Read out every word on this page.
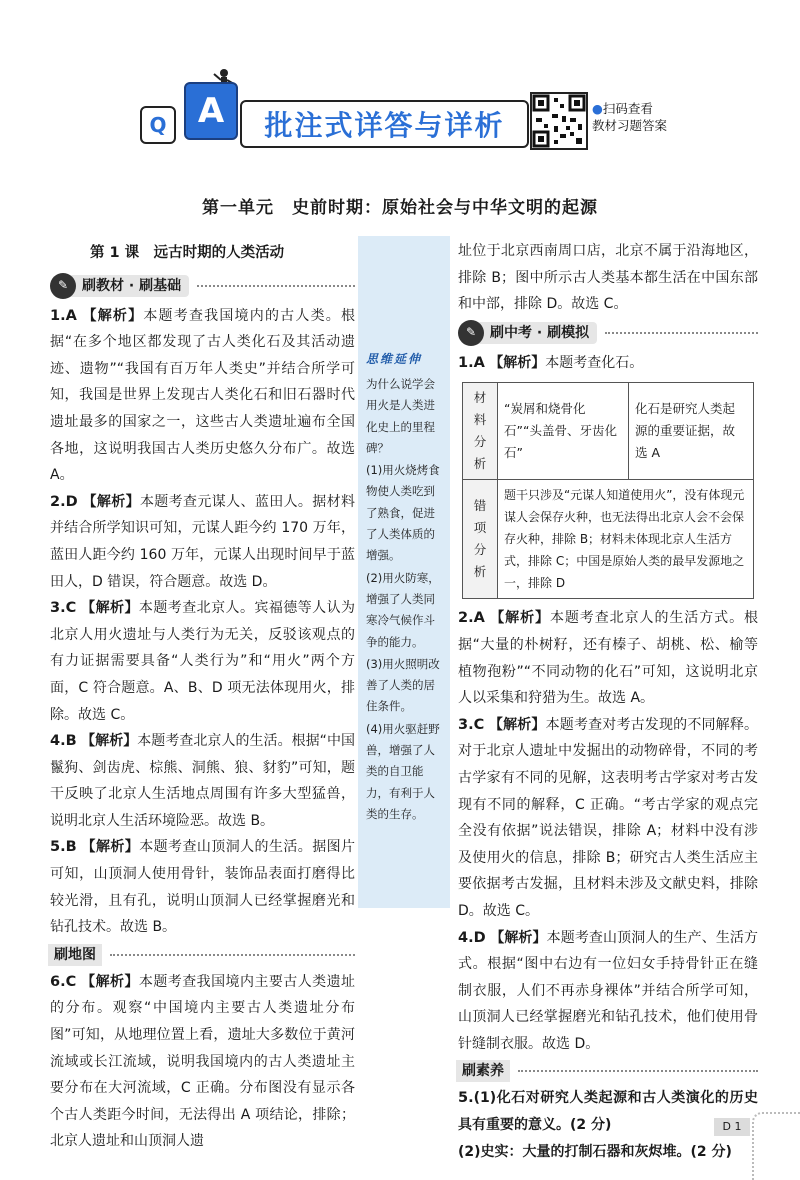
Q A	批注式详答与详析
●扫码查看
教材习题答案
第一单元　史前时期：原始社会与中华文明的起源
第 1 课　远古时期的人类活动
✎ 刷教材 · 刷基础

1.A 【解析】本题考查我国境内的古人类。根据“在多个地区都发现了古人类化石及其活动遗迹、遗物”“我国有百万年人类史”并结合所学可知，我国是世界上发现古人类化石和旧石器时代遗址最多的国家之一，这些古人类遗址遍布全国各地，这说明我国古人类历史悠久分布广。故选 A。

2.D 【解析】本题考查元谋人、蓝田人。据材料并结合所学知识可知，元谋人距今约 170 万年，蓝田人距今约 160 万年，元谋人出现时间早于蓝田人，D 错误，符合题意。故选 D。

3.C 【解析】本题考查北京人。宾福德等人认为北京人用火遗址与人类行为无关，反驳该观点的有力证据需要具备“人类行为”和“用火”两个方面，C 符合题意。A、B、D 项无法体现用火，排除。故选 C。

4.B 【解析】本题考查北京人的生活。根据“中国鬣狗、剑齿虎、棕熊、洞熊、狼、豺豹”可知，题干反映了北京人生活地点周围有许多大型猛兽，说明北京人生活环境险恶。故选 B。

5.B 【解析】本题考查山顶洞人的生活。据图片可知，山顶洞人使用骨针，装饰品表面打磨得比较光滑，且有孔，说明山顶洞人已经掌握磨光和钻孔技术。故选 B。

刷地图

6.C 【解析】本题考查我国境内主要古人类遗址的分布。观察“中国境内主要古人类遗址分布图”可知，从地理位置上看，遗址大多数位于黄河流域或长江流域，说明我国境内的古人类遗址主要分布在大河流域，C 正确。分布图没有显示各个古人类距今时间，无法得出 A 项结论，排除；北京人遗址和山顶洞人遗

思维延伸

为什么说学会用火是人类进化史上的里程碑？

(1)用火烧烤食物使人类吃到了熟食，促进了人类体质的增强。

(2)用火防寒，增强了人类同寒冷气候作斗争的能力。

(3)用火照明改善了人类的居住条件。

(4)用火驱赶野兽，增强了人类的自卫能力，有利于人类的生存。

址位于北京西南周口店，北京不属于沿海地区，排除 B；图中所示古人类基本都生活在中国东部和中部，排除 D。故选 C。

✎ 刷中考 · 刷模拟

1.A 【解析】本题考查化石。

材料分析	“炭屑和烧骨化石”“头盖骨、牙齿化石”	化石是研究人类起源的重要证据，故选 A
错项分析	题干只涉及“元谋人知道使用火”，没有体现元谋人会保存火种，也无法得出北京人会不会保存火种，排除 B；材料未体现北京人生活方式，排除 C；中国是原始人类的最早发源地之一，排除 D	

2.A 【解析】本题考查北京人的生活方式。根据“大量的朴树籽，还有榛子、胡桃、松、榆等植物孢粉”“不同动物的化石”可知，这说明北京人以采集和狩猎为生。故选 A。

3.C 【解析】本题考查对考古发现的不同解释。对于北京人遗址中发掘出的动物碎骨，不同的考古学家有不同的见解，这表明考古学家对考古发现有不同的解释，C 正确。“考古学家的观点完全没有依据”说法错误，排除 A；材料中没有涉及使用火的信息，排除 B；研究古人类生活应主要依据考古发掘，且材料未涉及文献史料，排除 D。故选 C。

4.D 【解析】本题考查山顶洞人的生产、生活方式。根据“图中右边有一位妇女手持骨针正在缝制衣服，人们不再赤身裸体”并结合所学可知，山顶洞人已经掌握磨光和钻孔技术，他们使用骨针缝制衣服。故选 D。

刷素养

5.(1)化石对研究人类起源和古人类演化的历史具有重要的意义。(2 分)

(2)史实：大量的打制石器和灰烬堆。(2 分)

D 1
